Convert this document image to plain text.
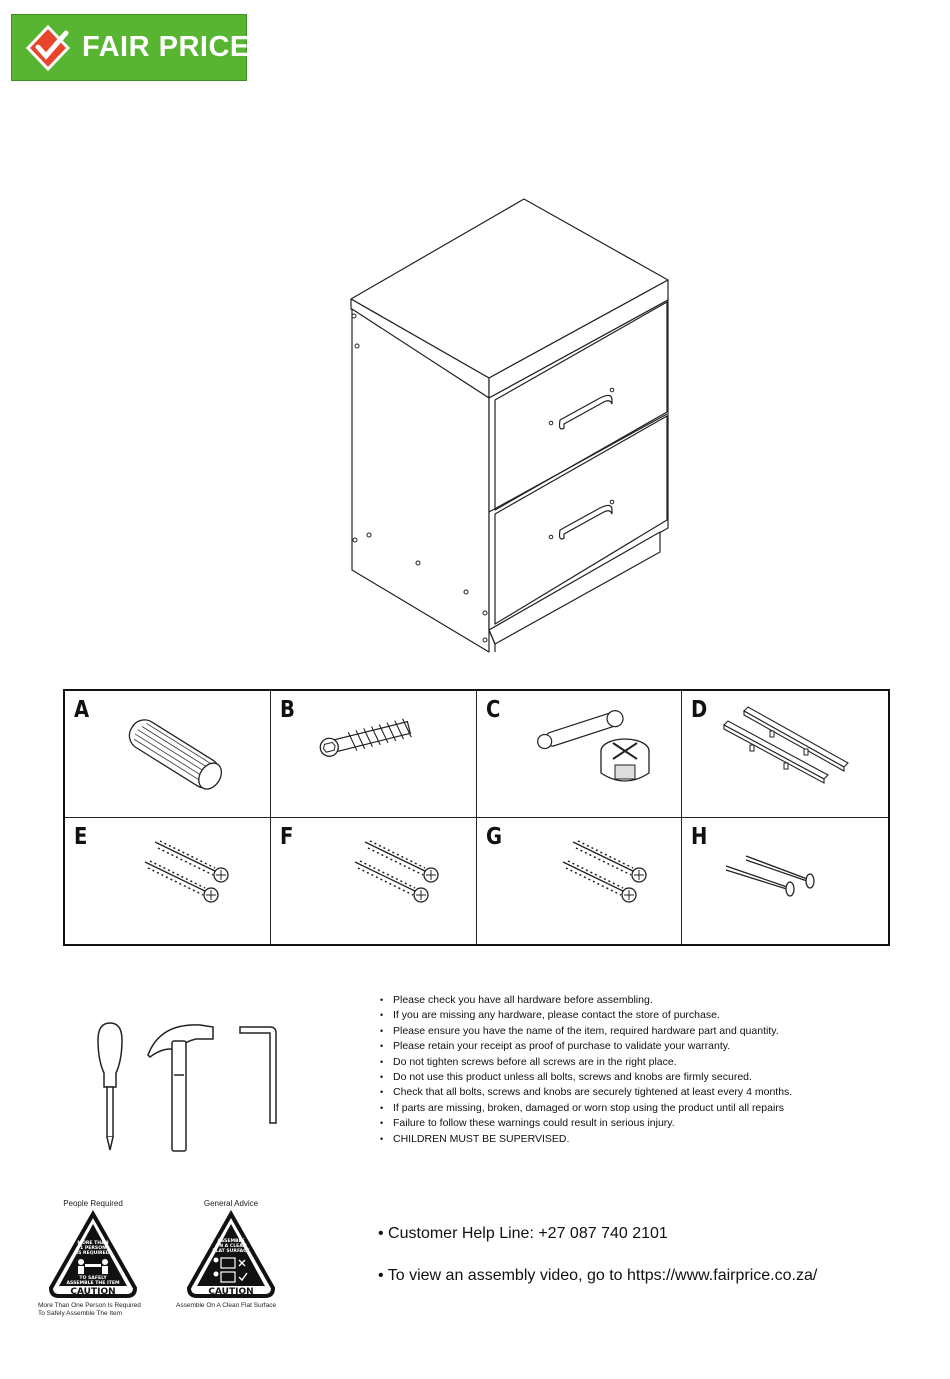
FAIR PRICE
A	B	C	D
E	F	G	H
People Required
MORE THAN
1 PERSON
IS REQUIRED
TO SAFELY
ASSEMBLE THE ITEM
CAUTION
More Than One Person Is Required To Safely Assemble The Item
General Advice
ASSEMBLE
ON A CLEAN
FLAT SURFACE
CAUTION
Assemble On A Clean Flat Surface
• Please check you have all hardware before assembling.
• If you are missing any hardware, please contact the store of purchase.
• Please ensure you have the name of the item, required hardware part and quantity.
• Please retain your receipt as proof of purchase to validate your warranty.
• Do not tighten screws before all screws are in the right place.
• Do not use this product unless all bolts, screws and knobs are firmly secured.
• Check that all bolts, screws and knobs are securely tightened at least every 4 months.
• If parts are missing, broken, damaged or worn stop using the product until all repairs
• Failure to follow these warnings could result in serious injury.
• CHILDREN MUST BE SUPERVISED.
• Customer Help Line: +27 087 740 2101
• To view an assembly video, go to https://www.fairprice.co.za/
